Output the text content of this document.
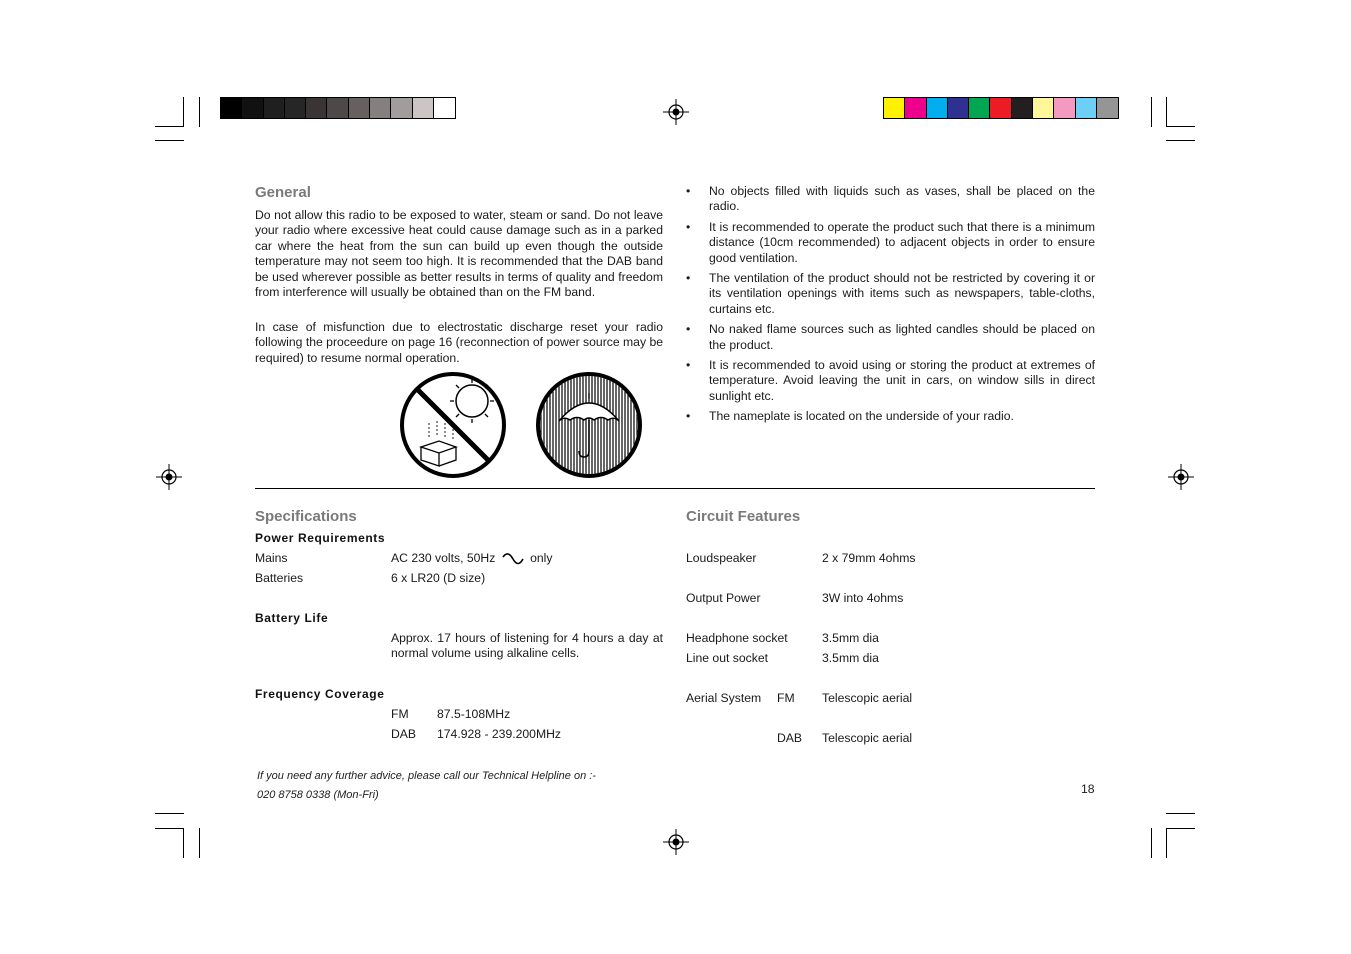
General
Do not allow this radio to be exposed to water, steam or sand. Do not leave your radio where excessive heat could cause damage such as in a parked car where the heat from the sun can build up even though the outside temperature may not seem too high. It is recommended that the DAB band be used wherever possible as better results in terms of quality and freedom from interference will usually be obtained than on the FM band.
In case of misfunction due to electrostatic discharge reset your radio following the proceedure on page 16 (reconnection of power source may be required) to resume normal operation.
• No objects filled with liquids such as vases, shall be placed on the radio.
• It is recommended to operate the product such that there is a minimum distance (10cm recommended) to adjacent objects in order to ensure good ventilation.
• The ventilation of the product should not be restricted by covering it or its ventilation openings with items such as newspapers, table-cloths, curtains etc.
• No naked flame sources such as lighted candles should be placed on the product.
• It is recommended to avoid using or storing the product at extremes of temperature. Avoid leaving the unit in cars, on window sills in direct sunlight etc.
• The nameplate is located on the underside of your radio.
Specifications
Power Requirements
Mains	AC 230 volts, 50Hz	only
Batteries	6 x LR20 (D size)
Battery Life
Approx. 17 hours of listening for 4 hours a day at normal volume using alkaline cells.
Frequency Coverage
FM 87.5-108MHz
DAB 174.928 - 239.200MHz
Circuit Features
Loudspeaker	2 x 79mm 4ohms
Output Power	3W into 4ohms
Headphone socket	3.5mm dia
Line out socket	3.5mm dia
Aerial System FM Telescopic aerial
DAB Telescopic aerial
If you need any further advice, please call our Technical Helpline on :-
020 8758 0338 (Mon-Fri)	18
